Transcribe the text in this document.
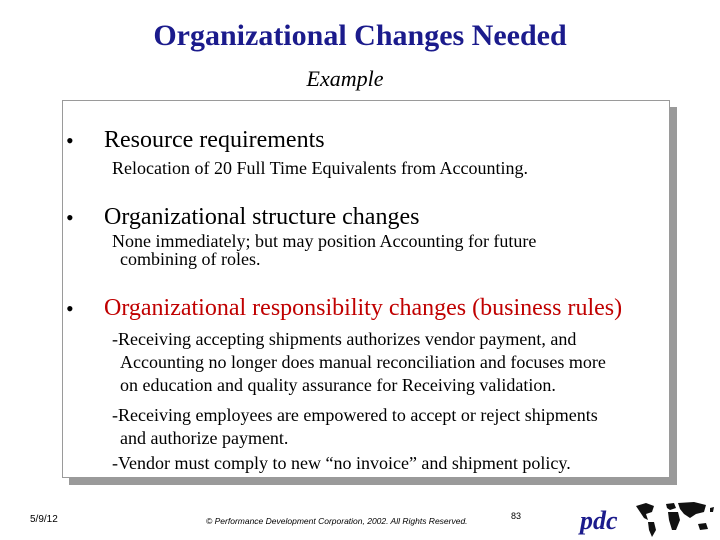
Organizational Changes Needed
Example
• Resource requirements
Relocation of 20 Full Time Equivalents from Accounting.
• Organizational structure changes
None immediately; but may position Accounting for future
combining of roles.
• Organizational responsibility changes (business rules)
-Receiving accepting shipments authorizes vendor payment, and
Accounting no longer does manual reconciliation and focuses more
on education and quality assurance for Receiving validation.
-Receiving employees are empowered to accept or reject shipments
and authorize payment.
-Vendor must comply to new “no invoice” and shipment policy.
5/9/12	© Performance Development Corporation, 2002. All Rights Reserved.	83 pdc
